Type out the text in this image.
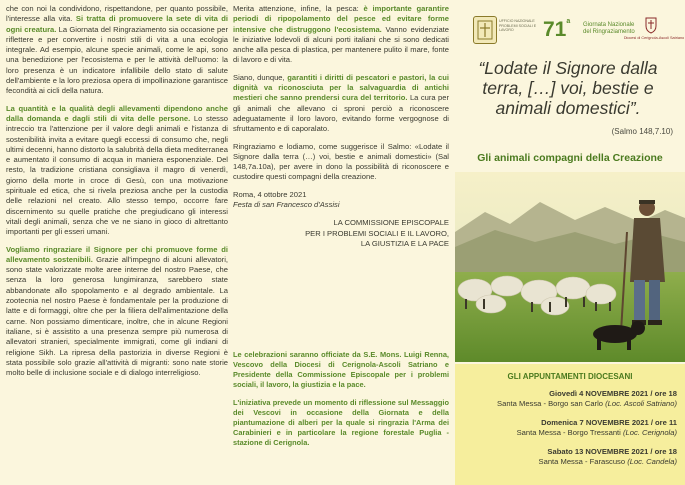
che con noi la condividono, rispettandone, per quanto possibile, l'interesse alla vita. Si tratta di promuovere la sete di vita di ogni creatura. La Giornata del Ringraziamento sia occasione per riflettere e per convertire i nostri stili di vita a una ecologia integrale. Ad esempio, alcune specie animali, come le api, sono una benedizione per l'ecosistema e per le attività dell'uomo: la loro presenza è un indicatore infallibile dello stato di salute dell'ambiente e la loro preziosa opera di impollinazione garantisce fecondità ai cicli della natura.

La quantità e la qualità degli allevamenti dipendono anche dalla domanda e dagli stili di vita delle persone. Lo stesso intreccio tra l'attenzione per il valore degli animali e l'istanza di sostenibilità invita a evitare quegli eccessi di consumo che, negli ultimi decenni, hanno distorto la salubrità della dieta mediterranea e aumentato il consumo di acqua in maniera esponenziale. Del resto, la tradizione cristiana consigliava il magro di venerdì, giorno della morte in croce di Gesù, con una motivazione spirituale ed etica, che si rivela preziosa anche per la custodia delle relazioni nel creato. Allo stesso tempo, occorre fare discernimento su quelle pratiche che pregiudicano gli interessi vitali degli animali, senza che ve ne siano in gioco di altrettanto importanti per gli esseri umani.

Vogliamo ringraziare il Signore per chi promuove forme di allevamento sostenibili. Grazie all'impegno di alcuni allevatori, sono state valorizzate molte aree interne del nostro Paese, che senza la loro generosa lungimiranza, sarebbero state abbandonate allo spopolamento e al degrado ambientale. La zootecnia nel nostro Paese è fondamentale per la produzione di latte e di formaggi, oltre che per la filiera dell'alimentazione della carne. Non possiamo dimenticare, inoltre, che in alcune Regioni italiane, si è assistito a una presenza sempre più numerosa di allevatori stranieri, specialmente immigrati, come gli indiani di religione Sikh. La ripresa della pastorizia in diverse Regioni è stata possibile solo grazie all'attività di migranti: sono nate storie molto belle di inclusione sociale e di dialogo interreligioso.

Merita attenzione, infine, la pesca: è importante garantire periodi di ripopolamento del pesce ed evitare forme intensive che distruggono l'ecosistema. Vanno evidenziate le iniziative lodevoli di alcuni porti italiani che si sono dedicati anche alla pesca di plastica, per mantenere pulito il mare, fonte di lavoro e di vita.

Siano, dunque, garantiti i diritti di pescatori e pastori, la cui dignità va riconosciuta per la salvaguardia di antichi mestieri che sanno prendersi cura del territorio. La cura per gli animali che allevano ci sproni perciò a riconoscere adeguatamente il loro lavoro, evitando forme vergognose di sfruttamento e di caporalato.

Ringraziamo e lodiamo, come suggerisce il Salmo: «Lodate il Signore dalla terra (…) voi, bestie e animali domestici» (Sal 148,7a.10a), per avere in dono la possibilità di riconoscere e custodire questi compagni della creazione.

Roma, 4 ottobre 2021
Festa di san Francesco d'Assisi
LA COMMISSIONE EPISCOPALE
PER I PROBLEMI SOCIALI E IL LAVORO,
LA GIUSTIZIA E LA PACE

Le celebrazioni saranno officiate da S.E. Mons. Luigi Renna, Vescovo della Diocesi di Cerignola-Ascoli Satriano e Presidente della Commissione Episcopale per i problemi sociali, il lavoro, la giustizia e la pace.

L'iniziativa prevede un momento di riflessione sul Messaggio dei Vescovi in occasione della Giornata e della piantumazione di alberi per la quale si ringrazia l'Arma dei Carabinieri e in particolare la regione forestale Puglia - stazione di Cerignola.

UFFICIO NAZIONALE PROBLEMI SOCIALI E LAVORO	71$^a$ Giornata Nazionale del Ringraziamento
Diocesi di Cerignola-Ascoli Satriano
“Lodate il Signore dalla terra, […] voi, bestie e animali domestici”.
(Salmo 148,7.10)
Gli animali compagni della Creazione
GLI APPUNTAMENTI DIOCESANI
Giovedì 4 NOVEMBRE 2021 / ore 18
Santa Messa - Borgo san Carlo (Loc. Ascoli Satriano)
Domenica 7 NOVEMBRE 2021 / ore 11
Santa Messa - Borgo Tressanti (Loc. Cerignola)
Sabato 13 NOVEMBRE 2021 / ore 18
Santa Messa - Farascuso (Loc. Candela)
